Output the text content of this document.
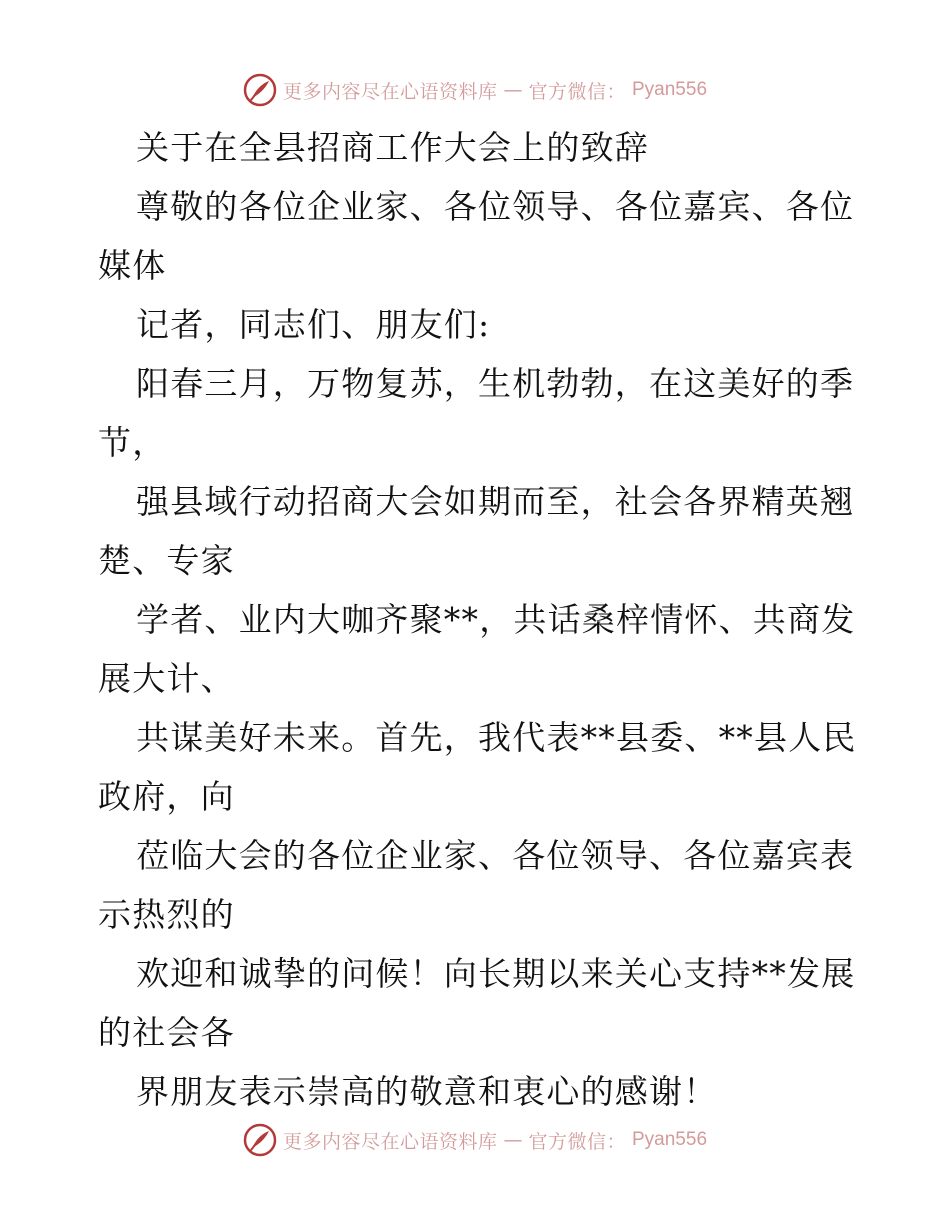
更多内容尽在心语资料库 — 官方微信： Pyan556
关于在全县招商工作大会上的致辞
尊敬的各位企业家、各位领导、各位嘉宾、各位
媒体
记者，同志们、朋友们:
阳春三月，万物复苏，生机勃勃，在这美好的季
节，
强县域行动招商大会如期而至，社会各界精英翘
楚、专家
学者、业内大咖齐聚**，共话桑梓情怀、共商发
展大计、
共谋美好未来。首先，我代表**县委、**县人民
政府，向
莅临大会的各位企业家、各位领导、各位嘉宾表
示热烈的
欢迎和诚挚的问候！向长期以来关心支持**发展
的社会各
界朋友表示崇高的敬意和衷心的感谢！
更多内容尽在心语资料库 — 官方微信： Pyan556
